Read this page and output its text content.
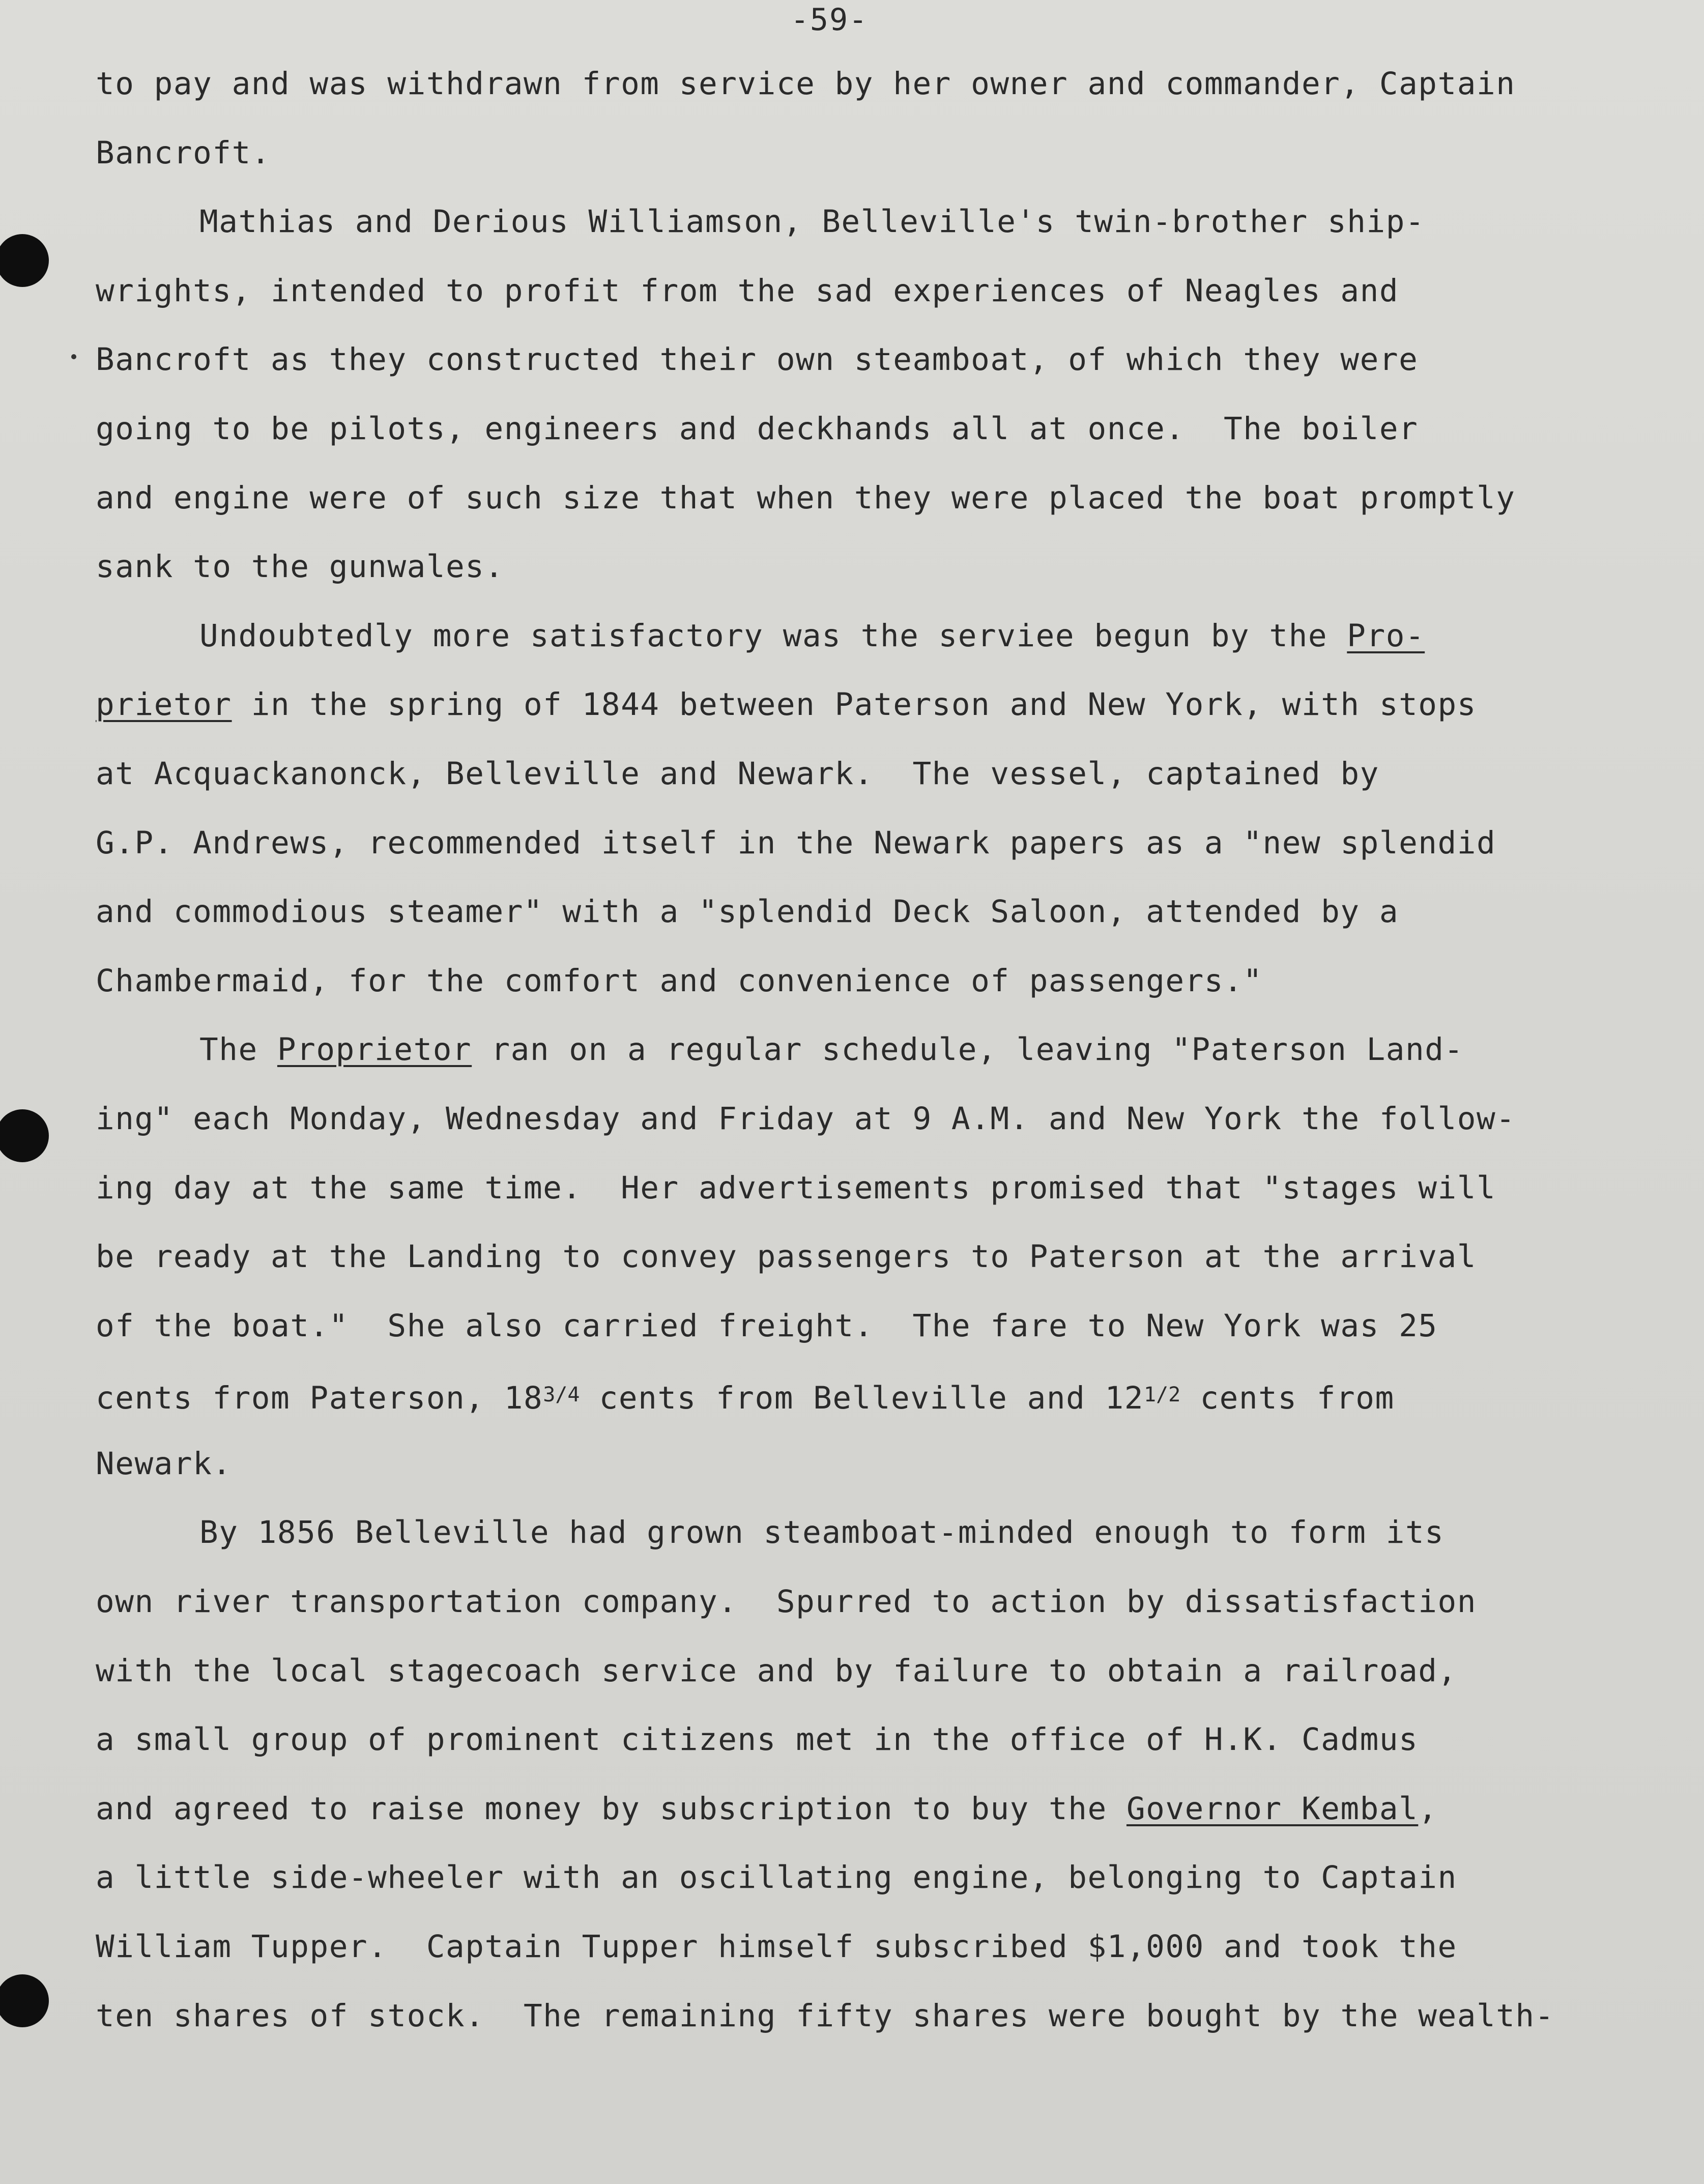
-59-
to pay and was withdrawn from service by her owner and commander, Captain
Bancroft.
Mathias and Derious Williamson, Belleville's twin-brother ship-
wrights, intended to profit from the sad experiences of Neagles and
Bancroft as they constructed their own steamboat, of which they were
going to be pilots, engineers and deckhands all at once.  The boiler
and engine were of such size that when they were placed the boat promptly
sank to the gunwales.
Undoubtedly more satisfactory was the serviee begun by the Pro-
prietor in the spring of 1844 between Paterson and New York, with stops
at Acquackanonck, Belleville and Newark.  The vessel, captained by
G.P. Andrews, recommended itself in the Newark papers as a "new splendid
and commodious steamer" with a "splendid Deck Saloon, attended by a
Chambermaid, for the comfort and convenience of passengers."
The Proprietor ran on a regular schedule, leaving "Paterson Land-
ing" each Monday, Wednesday and Friday at 9 A.M. and New York the follow-
ing day at the same time.  Her advertisements promised that "stages will
be ready at the Landing to convey passengers to Paterson at the arrival
of the boat."  She also carried freight.  The fare to New York was 25
cents from Paterson, $18^{3/4}$ cents from Belleville and $12^{1/2}$ cents from
Newark.
By 1856 Belleville had grown steamboat-minded enough to form its
own river transportation company.  Spurred to action by dissatisfaction
with the local stagecoach service and by failure to obtain a railroad,
a small group of prominent citizens met in the office of H.K. Cadmus
and agreed to raise money by subscription to buy the Governor Kembal,
a little side-wheeler with an oscillating engine, belonging to Captain
William Tupper.  Captain Tupper himself subscribed $1,000 and took the
ten shares of stock.  The remaining fifty shares were bought by the wealth-
